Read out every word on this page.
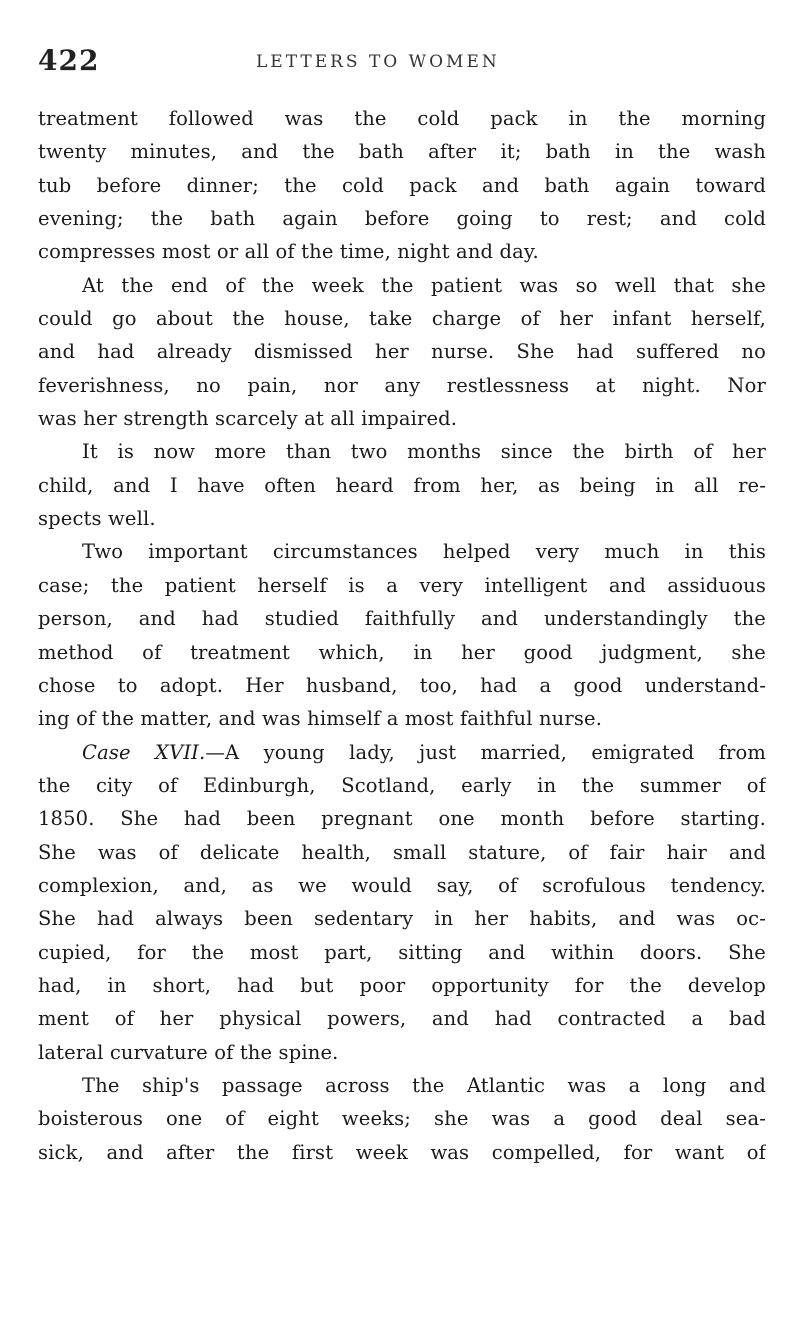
422	LETTERS TO WOMEN
treatment followed was the cold pack in the morning
twenty minutes, and the bath after it; bath in the wash
tub before dinner; the cold pack and bath again toward
evening; the bath again before going to rest; and cold
compresses most or all of the time, night and day.
At the end of the week the patient was so well that she
could go about the house, take charge of her infant herself,
and had already dismissed her nurse. She had suffered no
feverishness, no pain, nor any restlessness at night. Nor
was her strength scarcely at all impaired.
It is now more than two months since the birth of her
child, and I have often heard from her, as being in all re-
spects well.
Two important circumstances helped very much in this
case; the patient herself is a very intelligent and assiduous
person, and had studied faithfully and understandingly the
method of treatment which, in her good judgment, she
chose to adopt. Her husband, too, had a good understand-
ing of the matter, and was himself a most faithful nurse.
Case XVII.—A young lady, just married, emigrated from
the city of Edinburgh, Scotland, early in the summer of
1850. She had been pregnant one month before starting.
She was of delicate health, small stature, of fair hair and
complexion, and, as we would say, of scrofulous tendency.
She had always been sedentary in her habits, and was oc-
cupied, for the most part, sitting and within doors. She
had, in short, had but poor opportunity for the develop
ment of her physical powers, and had contracted a bad
lateral curvature of the spine.
The ship's passage across the Atlantic was a long and
boisterous one of eight weeks; she was a good deal sea-
sick, and after the first week was compelled, for want of
